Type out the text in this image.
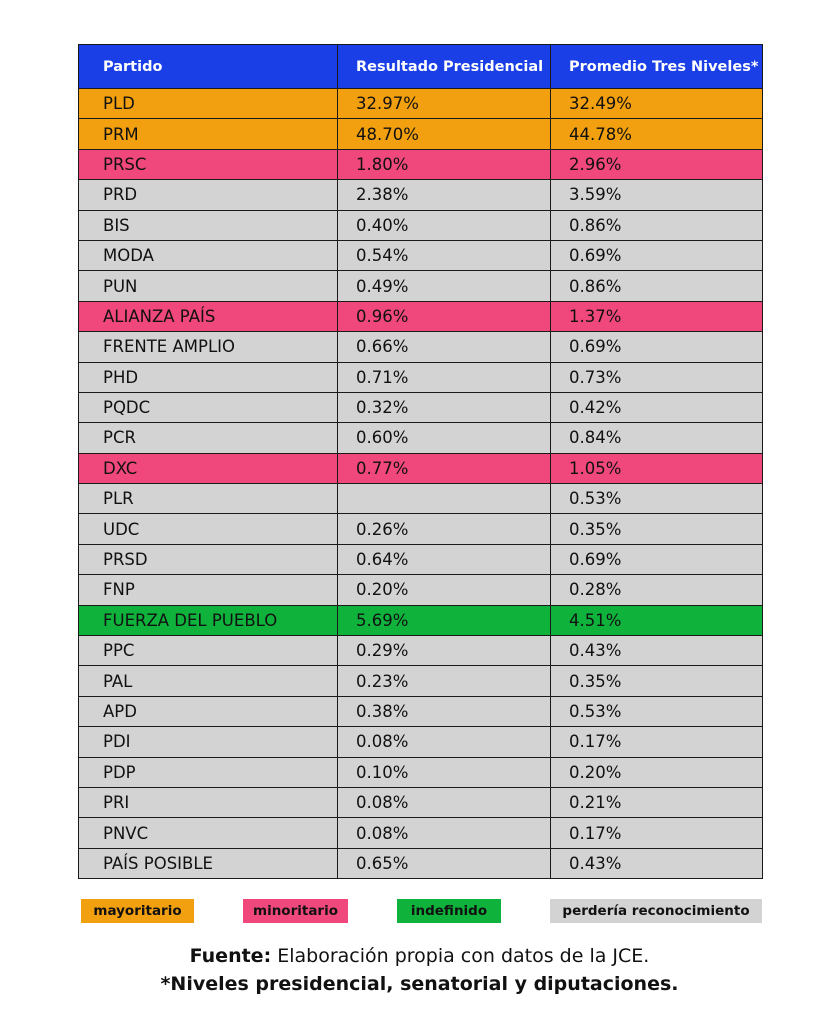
Partido	Resultado Presidencial	Promedio Tres Niveles*
PLD	32.97%	32.49%
PRM	48.70%	44.78%
PRSC	1.80%	2.96%
PRD	2.38%	3.59%
BIS	0.40%	0.86%
MODA	0.54%	0.69%
PUN	0.49%	0.86%
ALIANZA PAÍS	0.96%	1.37%
FRENTE AMPLIO	0.66%	0.69%
PHD	0.71%	0.73%
PQDC	0.32%	0.42%
PCR	0.60%	0.84%
DXC	0.77%	1.05%
PLR		0.53%
UDC	0.26%	0.35%
PRSD	0.64%	0.69%
FNP	0.20%	0.28%
FUERZA DEL PUEBLO	5.69%	4.51%
PPC	0.29%	0.43%
PAL	0.23%	0.35%
APD	0.38%	0.53%
PDI	0.08%	0.17%
PDP	0.10%	0.20%
PRI	0.08%	0.21%
PNVC	0.08%	0.17%
PAÍS POSIBLE	0.65%	0.43%
mayoritario	minoritario	indefinido	perdería reconocimiento
Fuente: Elaboración propia con datos de la JCE.
*Niveles presidencial, senatorial y diputaciones.
